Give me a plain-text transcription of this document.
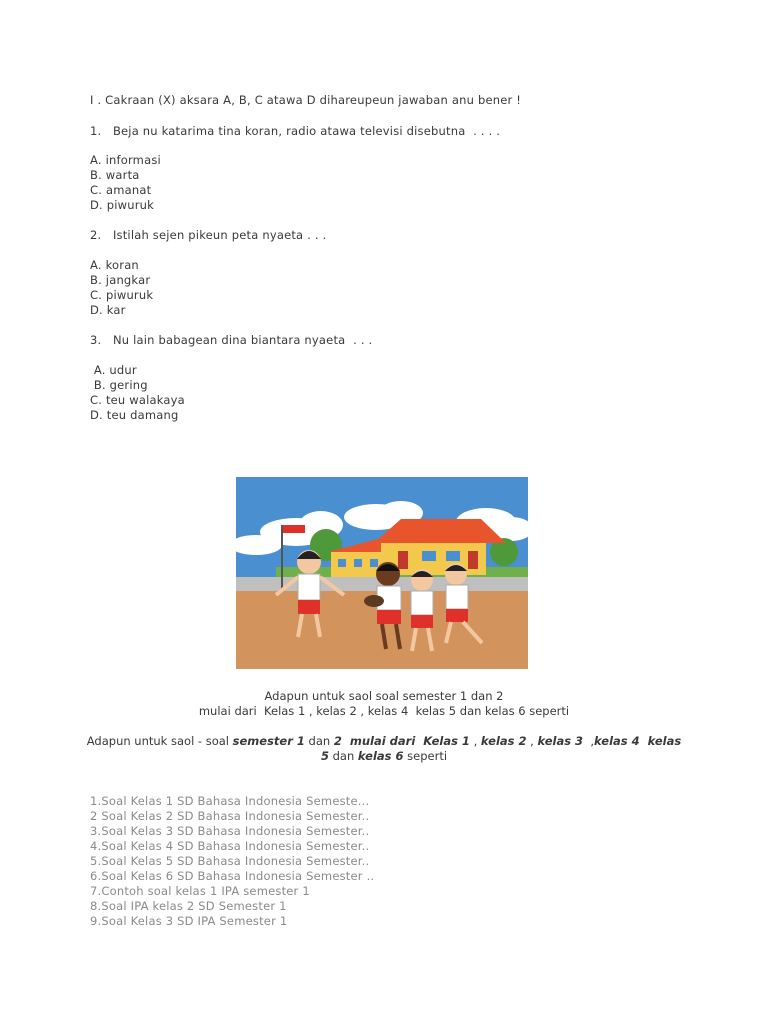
I . Cakraan (X) aksara A, B, C atawa D dihareupeun jawaban anu bener !
1.   Beja nu katarima tina koran, radio atawa televisi disebutna  . . . .
A. informasi
B. warta
C. amanat
D. piwuruk
2.   Istilah sejen pikeun peta nyaeta . . .
A. koran
B. jangkar
C. piwuruk
D. kar
3.   Nu lain babagean dina biantara nyaeta  . . .
A. udur
B. gering
C. teu walakaya
D. teu damang
Adapun untuk saol soal semester 1 dan 2
mulai dari  Kelas 1 , kelas 2 , kelas 4  kelas 5 dan kelas 6 seperti
Adapun untuk saol - soal semester 1 dan 2  mulai dari  Kelas 1 , kelas 2 , kelas 3  ,kelas 4  kelas
5 dan kelas 6 seperti
1.Soal Kelas 1 SD Bahasa Indonesia Semeste...
2 Soal Kelas 2 SD Bahasa Indonesia Semester..
3.Soal Kelas 3 SD Bahasa Indonesia Semester..
4.Soal Kelas 4 SD Bahasa Indonesia Semester..
5.Soal Kelas 5 SD Bahasa Indonesia Semester..
6.Soal Kelas 6 SD Bahasa Indonesia Semester ..
7.Contoh soal kelas 1 IPA semester 1
8.Soal IPA kelas 2 SD Semester 1
9.Soal Kelas 3 SD IPA Semester 1
